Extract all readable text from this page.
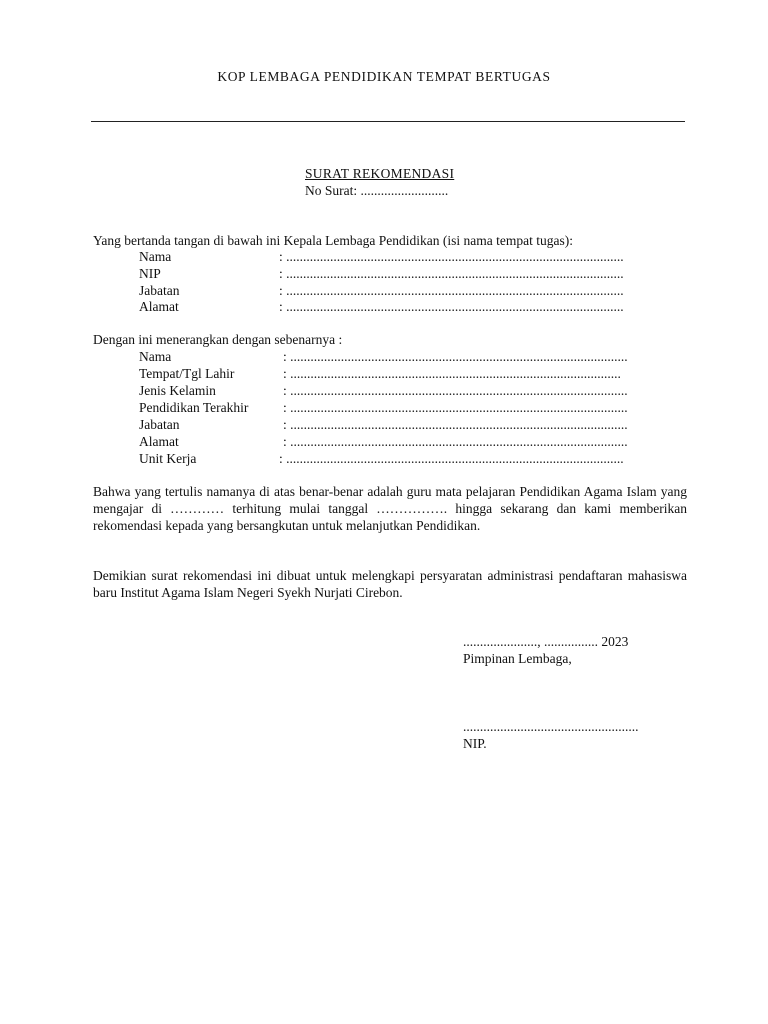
KOP LEMBAGA PENDIDIKAN TEMPAT BERTUGAS
SURAT REKOMENDASI
No Surat: ..........................
Yang bertanda tangan di bawah ini Kepala Lembaga Pendidikan (isi nama tempat tugas):
Nama	: ....................................................................................................
NIP	: ....................................................................................................
Jabatan	: ....................................................................................................
Alamat	: ....................................................................................................
Dengan ini menerangkan dengan sebenarnya :
Nama	: ....................................................................................................
Tempat/Tgl Lahir	: ..................................................................................................
Jenis Kelamin	: ....................................................................................................
Pendidikan Terakhir	: ....................................................................................................
Jabatan	: ....................................................................................................
Alamat	: ....................................................................................................
Unit Kerja	: ....................................................................................................
Bahwa yang tertulis namanya di atas benar-benar adalah guru mata pelajaran Pendidikan Agama Islam yang mengajar di ………… terhitung mulai tanggal ……………. hingga sekarang dan kami memberikan rekomendasi kepada yang bersangkutan untuk melanjutkan Pendidikan.
Demikian surat rekomendasi ini dibuat untuk melengkapi persyaratan administrasi pendaftaran mahasiswa baru Institut Agama Islam Negeri Syekh Nurjati Cirebon.
......................, ................ 2023
Pimpinan Lembaga,
....................................................
NIP.
